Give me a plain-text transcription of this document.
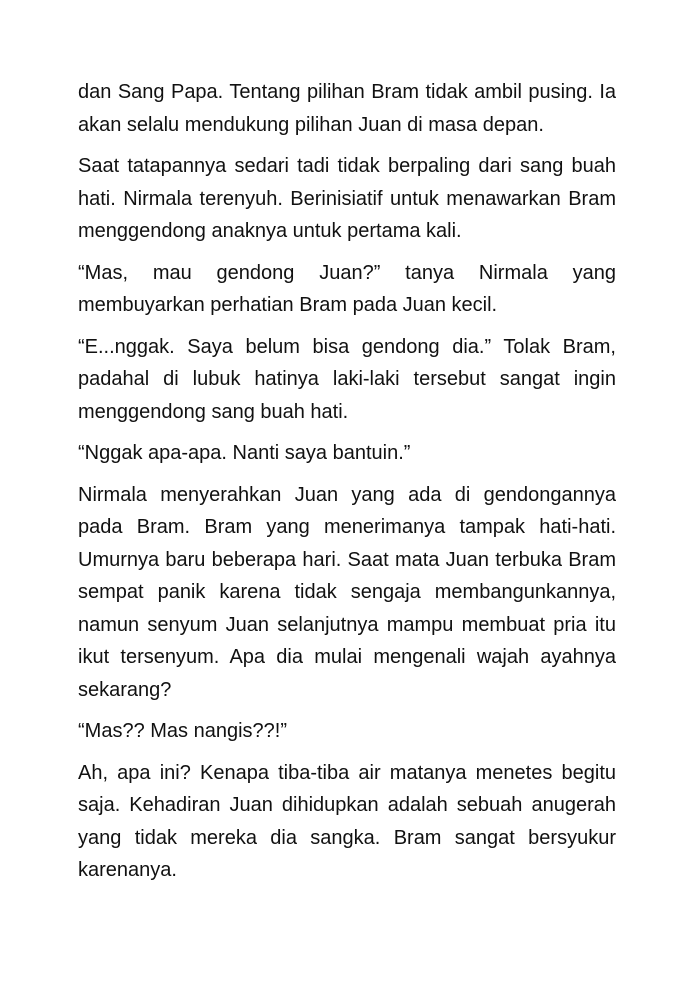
dan Sang Papa. Tentang pilihan Bram tidak ambil pusing. Ia akan selalu mendukung pilihan Juan di masa depan.

Saat tatapannya sedari tadi tidak berpaling dari sang buah hati. Nirmala terenyuh. Berinisiatif untuk menawarkan Bram menggendong anaknya untuk pertama kali.

“Mas, mau gendong Juan?” tanya Nirmala yang membuyarkan perhatian Bram pada Juan kecil.

“E...nggak. Saya belum bisa gendong dia.” Tolak Bram, padahal di lubuk hatinya laki-laki tersebut sangat ingin menggendong sang buah hati.

“Nggak apa-apa. Nanti saya bantuin.”

Nirmala menyerahkan Juan yang ada di gendongannya pada Bram. Bram yang menerimanya tampak hati-hati. Umurnya baru beberapa hari. Saat mata Juan terbuka Bram sempat panik karena tidak sengaja membangunkannya, namun senyum Juan selanjutnya mampu membuat pria itu ikut tersenyum. Apa dia mulai mengenali wajah ayahnya sekarang?

“Mas?? Mas nangis??!”

Ah, apa ini? Kenapa tiba-tiba air matanya menetes begitu saja. Kehadiran Juan dihidupkan adalah sebuah anugerah yang tidak mereka dia sangka. Bram sangat bersyukur karenanya.
